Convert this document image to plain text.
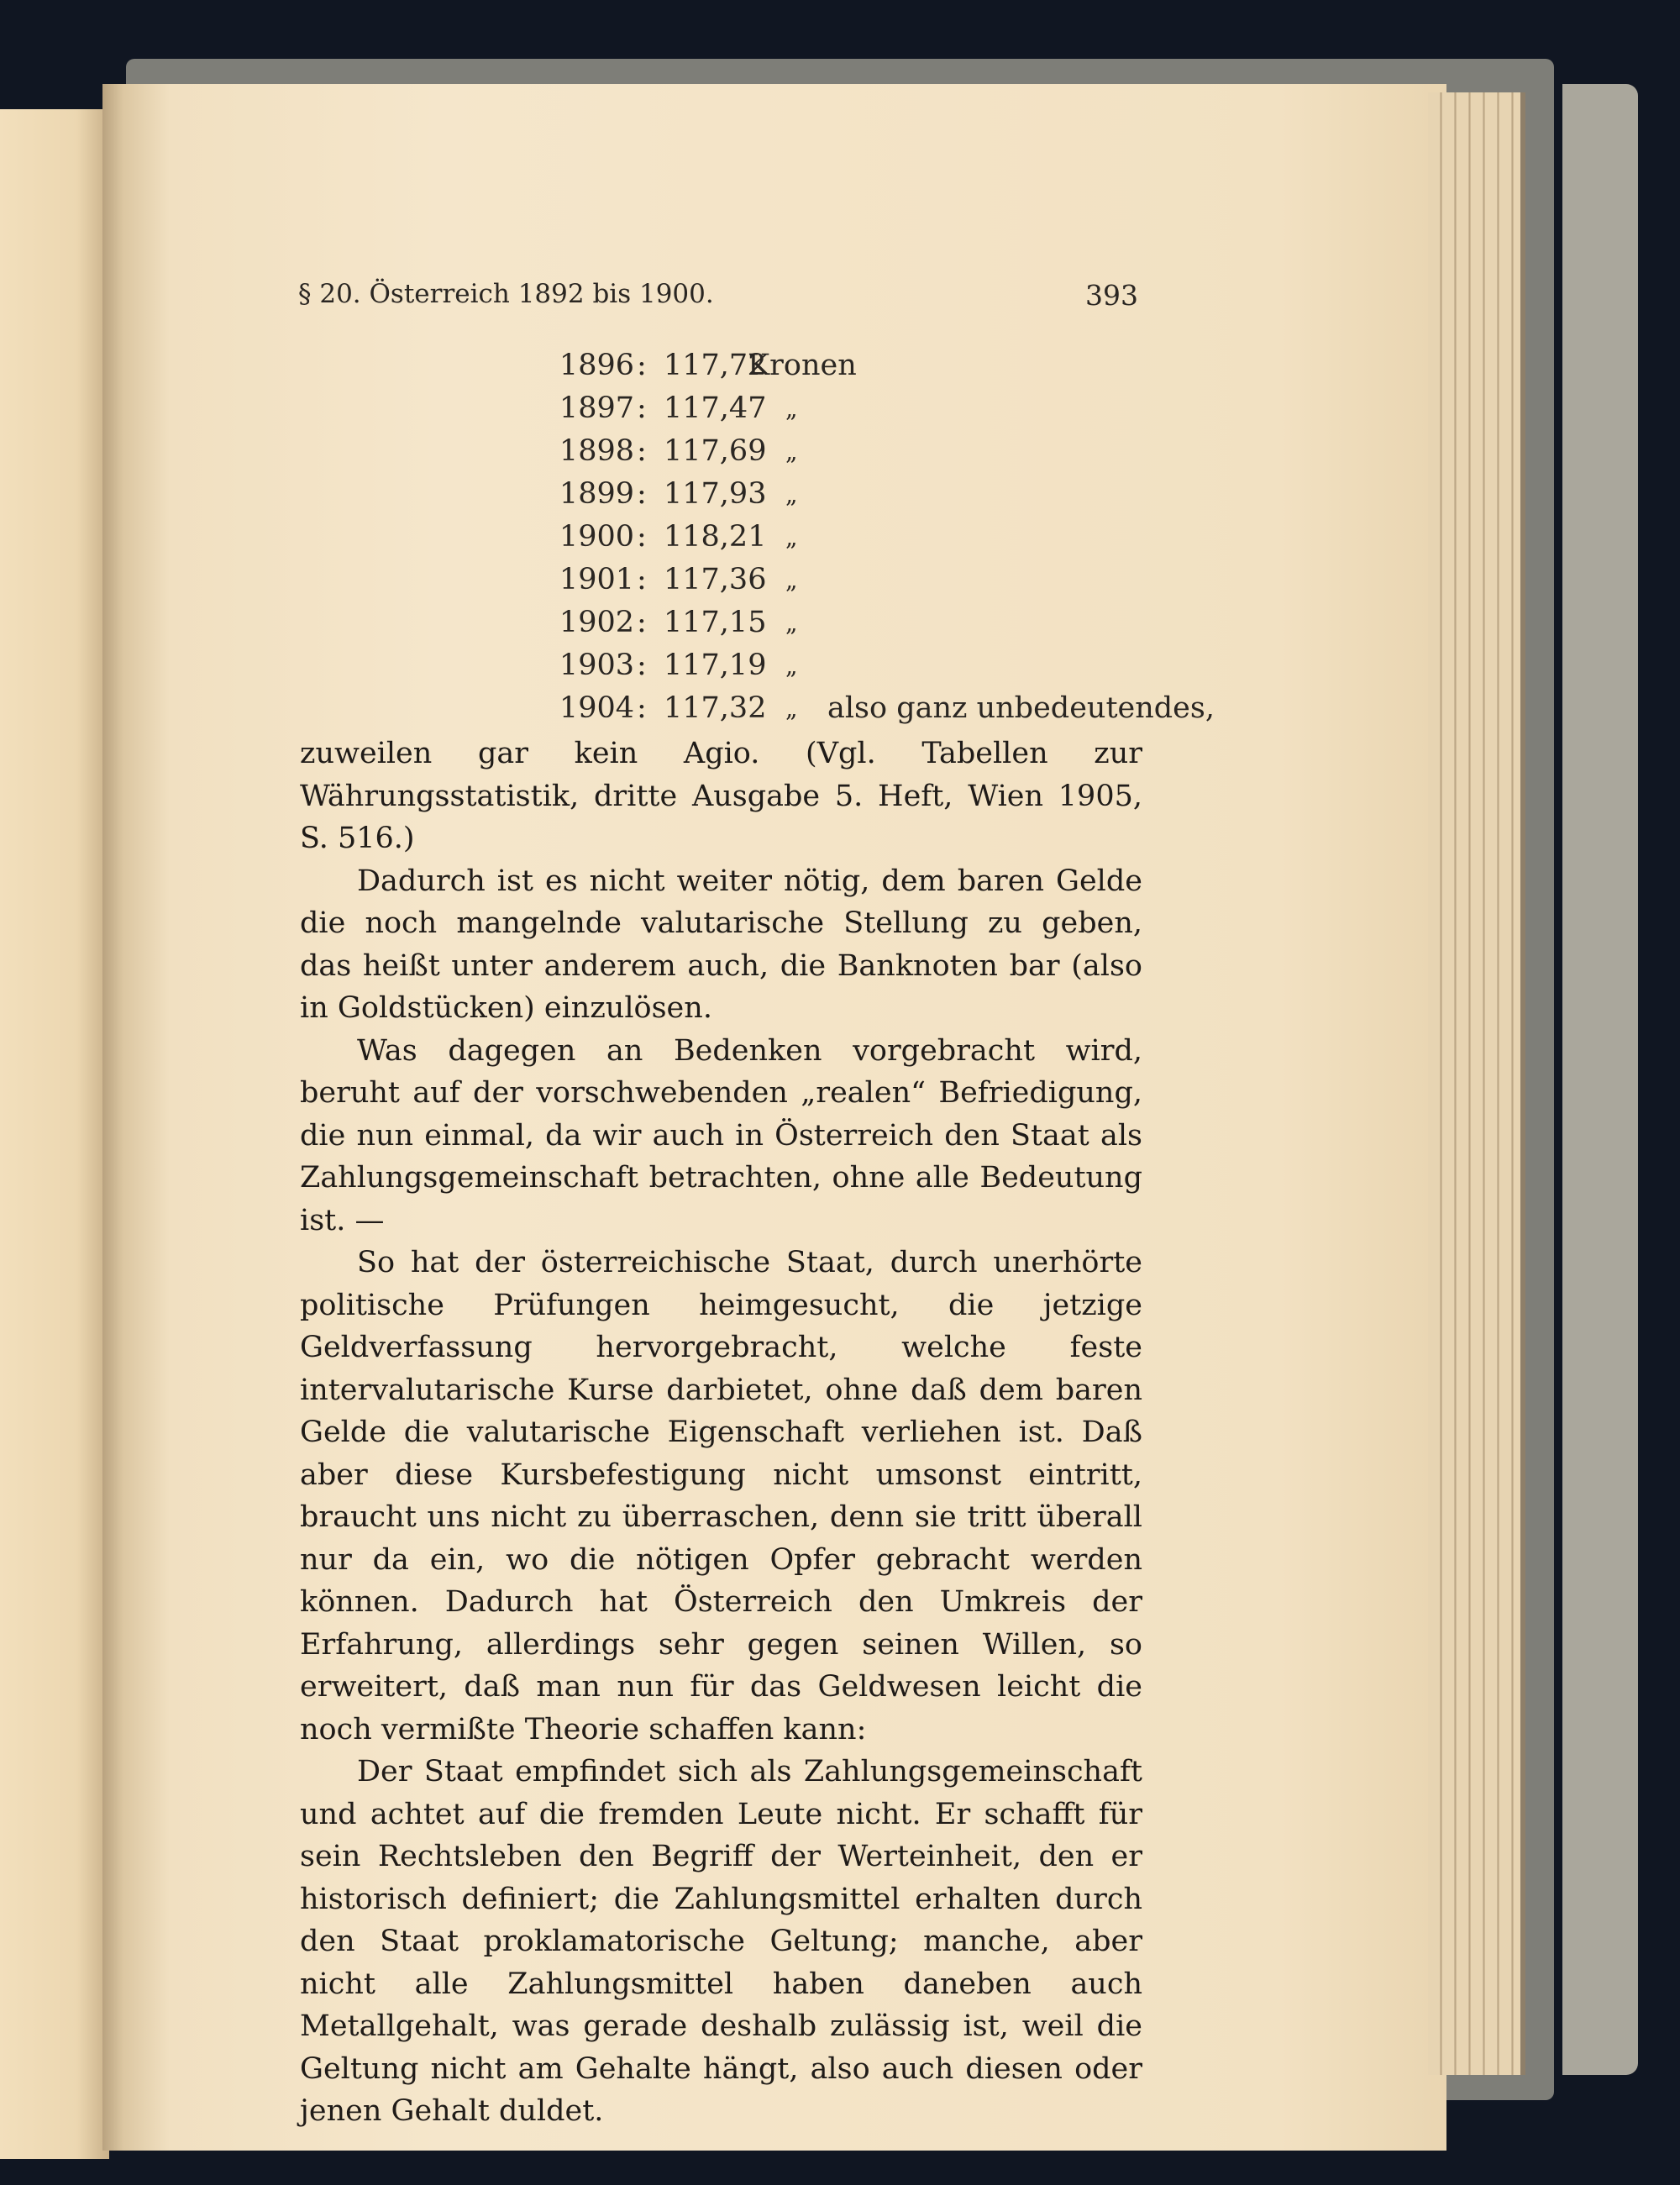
§ 20. Österreich 1892 bis 1900.	393
1896 : 117,72
Kronen
1897 : 117,47 „
1898 : 117,69 „
1899 : 117,93 „
1900 : 118,21 „
1901 : 117,36 „
1902 : 117,15 „
1903 : 117,19 „
1904 : 117,32 „ also ganz unbedeutendes,

zuweilen gar kein Agio. (Vgl. Tabellen zur Währungsstatistik, dritte Ausgabe 5. Heft, Wien 1905, S. 516.)

Dadurch ist es nicht weiter nötig, dem baren Gelde die noch mangelnde valutarische Stellung zu geben, das heißt unter anderem auch, die Banknoten bar (also in Goldstücken) einzulösen.

Was dagegen an Bedenken vorgebracht wird, beruht auf der vorschwebenden „realen“ Befriedigung, die nun einmal, da wir auch in Österreich den Staat als Zahlungsgemeinschaft betrachten, ohne alle Bedeutung ist. —

So hat der österreichische Staat, durch unerhörte politische Prüfungen heimgesucht, die jetzige Geldverfassung hervorgebracht, welche feste intervalutarische Kurse darbietet, ohne daß dem baren Gelde die valutarische Eigenschaft verliehen ist. Daß aber diese Kursbefestigung nicht umsonst eintritt, braucht uns nicht zu überraschen, denn sie tritt überall nur da ein, wo die nötigen Opfer gebracht werden können. Dadurch hat Österreich den Umkreis der Erfahrung, allerdings sehr gegen seinen Willen, so erweitert, daß man nun für das Geldwesen leicht die noch vermißte Theorie schaffen kann:

Der Staat empfindet sich als Zahlungsgemeinschaft und achtet auf die fremden Leute nicht. Er schafft für sein Rechtsleben den Begriff der Werteinheit, den er historisch definiert; die Zahlungsmittel erhalten durch den Staat proklamatorische Geltung; manche, aber nicht alle Zahlungsmittel haben daneben auch Metallgehalt, was gerade deshalb zulässig ist, weil die Geltung nicht am Gehalte hängt, also auch diesen oder jenen Gehalt duldet.
